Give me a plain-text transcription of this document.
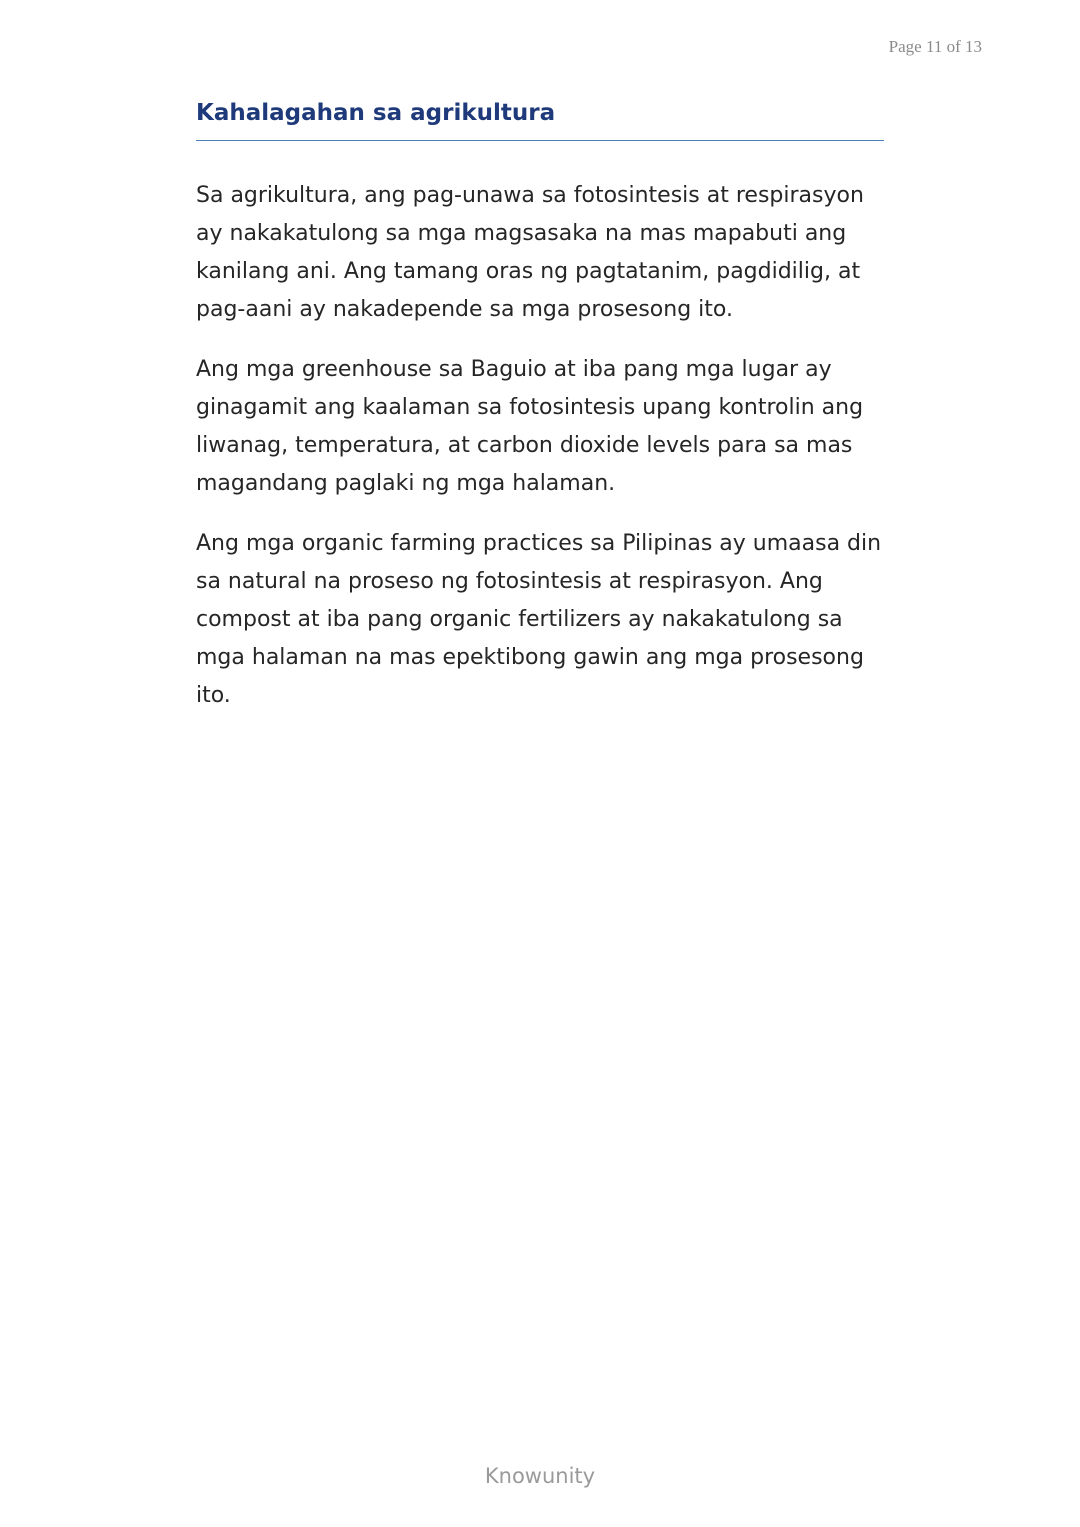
Page 11 of 13
Kahalagahan sa agrikultura

Sa agrikultura, ang pag-unawa sa fotosintesis at respirasyon ay nakakatulong sa mga magsasaka na mas mapabuti ang kanilang ani. Ang tamang oras ng pagtatanim, pagdidilig, at pag-aani ay nakadepende sa mga prosesong ito.

Ang mga greenhouse sa Baguio at iba pang mga lugar ay ginagamit ang kaalaman sa fotosintesis upang kontrolin ang liwanag, temperatura, at carbon dioxide levels para sa mas magandang paglaki ng mga halaman.

Ang mga organic farming practices sa Pilipinas ay umaasa din sa natural na proseso ng fotosintesis at respirasyon. Ang compost at iba pang organic fertilizers ay nakakatulong sa mga halaman na mas epektibong gawin ang mga prosesong ito.

Knowunity
